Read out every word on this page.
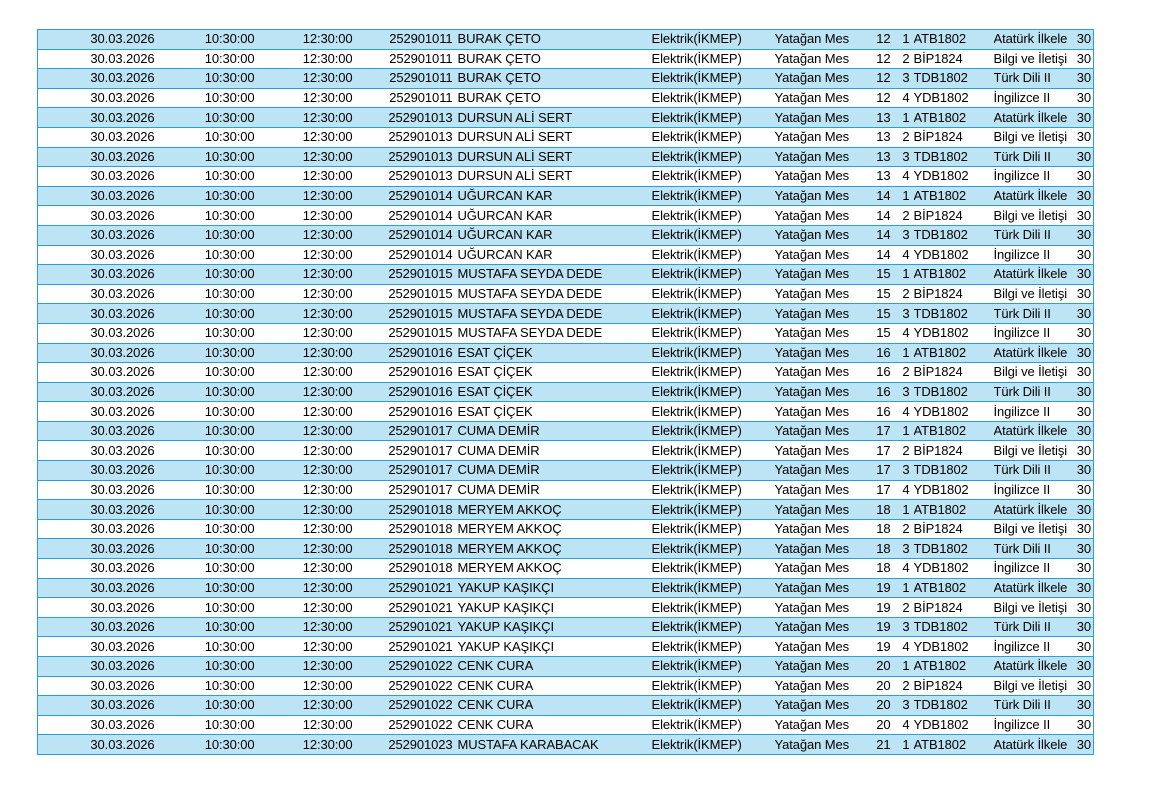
30.03.2026	10:30:00	12:30:00	252901011	BURAK ÇETO	Elektrik(İKMEP)	Yatağan Mes	12	1	ATB1802	Atatürk İlkele	30
30.03.2026	10:30:00	12:30:00	252901011	BURAK ÇETO	Elektrik(İKMEP)	Yatağan Mes	12	2	BİP1824	Bilgi ve İletişi	30
30.03.2026	10:30:00	12:30:00	252901011	BURAK ÇETO	Elektrik(İKMEP)	Yatağan Mes	12	3	TDB1802	Türk Dili II	30
30.03.2026	10:30:00	12:30:00	252901011	BURAK ÇETO	Elektrik(İKMEP)	Yatağan Mes	12	4	YDB1802	İngilizce II	30
30.03.2026	10:30:00	12:30:00	252901013	DURSUN ALİ SERT	Elektrik(İKMEP)	Yatağan Mes	13	1	ATB1802	Atatürk İlkele	30
30.03.2026	10:30:00	12:30:00	252901013	DURSUN ALİ SERT	Elektrik(İKMEP)	Yatağan Mes	13	2	BİP1824	Bilgi ve İletişi	30
30.03.2026	10:30:00	12:30:00	252901013	DURSUN ALİ SERT	Elektrik(İKMEP)	Yatağan Mes	13	3	TDB1802	Türk Dili II	30
30.03.2026	10:30:00	12:30:00	252901013	DURSUN ALİ SERT	Elektrik(İKMEP)	Yatağan Mes	13	4	YDB1802	İngilizce II	30
30.03.2026	10:30:00	12:30:00	252901014	UĞURCAN KAR	Elektrik(İKMEP)	Yatağan Mes	14	1	ATB1802	Atatürk İlkele	30
30.03.2026	10:30:00	12:30:00	252901014	UĞURCAN KAR	Elektrik(İKMEP)	Yatağan Mes	14	2	BİP1824	Bilgi ve İletişi	30
30.03.2026	10:30:00	12:30:00	252901014	UĞURCAN KAR	Elektrik(İKMEP)	Yatağan Mes	14	3	TDB1802	Türk Dili II	30
30.03.2026	10:30:00	12:30:00	252901014	UĞURCAN KAR	Elektrik(İKMEP)	Yatağan Mes	14	4	YDB1802	İngilizce II	30
30.03.2026	10:30:00	12:30:00	252901015	MUSTAFA SEYDA DEDE	Elektrik(İKMEP)	Yatağan Mes	15	1	ATB1802	Atatürk İlkele	30
30.03.2026	10:30:00	12:30:00	252901015	MUSTAFA SEYDA DEDE	Elektrik(İKMEP)	Yatağan Mes	15	2	BİP1824	Bilgi ve İletişi	30
30.03.2026	10:30:00	12:30:00	252901015	MUSTAFA SEYDA DEDE	Elektrik(İKMEP)	Yatağan Mes	15	3	TDB1802	Türk Dili II	30
30.03.2026	10:30:00	12:30:00	252901015	MUSTAFA SEYDA DEDE	Elektrik(İKMEP)	Yatağan Mes	15	4	YDB1802	İngilizce II	30
30.03.2026	10:30:00	12:30:00	252901016	ESAT ÇİÇEK	Elektrik(İKMEP)	Yatağan Mes	16	1	ATB1802	Atatürk İlkele	30
30.03.2026	10:30:00	12:30:00	252901016	ESAT ÇİÇEK	Elektrik(İKMEP)	Yatağan Mes	16	2	BİP1824	Bilgi ve İletişi	30
30.03.2026	10:30:00	12:30:00	252901016	ESAT ÇİÇEK	Elektrik(İKMEP)	Yatağan Mes	16	3	TDB1802	Türk Dili II	30
30.03.2026	10:30:00	12:30:00	252901016	ESAT ÇİÇEK	Elektrik(İKMEP)	Yatağan Mes	16	4	YDB1802	İngilizce II	30
30.03.2026	10:30:00	12:30:00	252901017	CUMA DEMİR	Elektrik(İKMEP)	Yatağan Mes	17	1	ATB1802	Atatürk İlkele	30
30.03.2026	10:30:00	12:30:00	252901017	CUMA DEMİR	Elektrik(İKMEP)	Yatağan Mes	17	2	BİP1824	Bilgi ve İletişi	30
30.03.2026	10:30:00	12:30:00	252901017	CUMA DEMİR	Elektrik(İKMEP)	Yatağan Mes	17	3	TDB1802	Türk Dili II	30
30.03.2026	10:30:00	12:30:00	252901017	CUMA DEMİR	Elektrik(İKMEP)	Yatağan Mes	17	4	YDB1802	İngilizce II	30
30.03.2026	10:30:00	12:30:00	252901018	MERYEM AKKOÇ	Elektrik(İKMEP)	Yatağan Mes	18	1	ATB1802	Atatürk İlkele	30
30.03.2026	10:30:00	12:30:00	252901018	MERYEM AKKOÇ	Elektrik(İKMEP)	Yatağan Mes	18	2	BİP1824	Bilgi ve İletişi	30
30.03.2026	10:30:00	12:30:00	252901018	MERYEM AKKOÇ	Elektrik(İKMEP)	Yatağan Mes	18	3	TDB1802	Türk Dili II	30
30.03.2026	10:30:00	12:30:00	252901018	MERYEM AKKOÇ	Elektrik(İKMEP)	Yatağan Mes	18	4	YDB1802	İngilizce II	30
30.03.2026	10:30:00	12:30:00	252901021	YAKUP KAŞIKÇI	Elektrik(İKMEP)	Yatağan Mes	19	1	ATB1802	Atatürk İlkele	30
30.03.2026	10:30:00	12:30:00	252901021	YAKUP KAŞIKÇI	Elektrik(İKMEP)	Yatağan Mes	19	2	BİP1824	Bilgi ve İletişi	30
30.03.2026	10:30:00	12:30:00	252901021	YAKUP KAŞIKÇI	Elektrik(İKMEP)	Yatağan Mes	19	3	TDB1802	Türk Dili II	30
30.03.2026	10:30:00	12:30:00	252901021	YAKUP KAŞIKÇI	Elektrik(İKMEP)	Yatağan Mes	19	4	YDB1802	İngilizce II	30
30.03.2026	10:30:00	12:30:00	252901022	CENK CURA	Elektrik(İKMEP)	Yatağan Mes	20	1	ATB1802	Atatürk İlkele	30
30.03.2026	10:30:00	12:30:00	252901022	CENK CURA	Elektrik(İKMEP)	Yatağan Mes	20	2	BİP1824	Bilgi ve İletişi	30
30.03.2026	10:30:00	12:30:00	252901022	CENK CURA	Elektrik(İKMEP)	Yatağan Mes	20	3	TDB1802	Türk Dili II	30
30.03.2026	10:30:00	12:30:00	252901022	CENK CURA	Elektrik(İKMEP)	Yatağan Mes	20	4	YDB1802	İngilizce II	30
30.03.2026	10:30:00	12:30:00	252901023	MUSTAFA KARABACAK	Elektrik(İKMEP)	Yatağan Mes	21	1	ATB1802	Atatürk İlkele	30
